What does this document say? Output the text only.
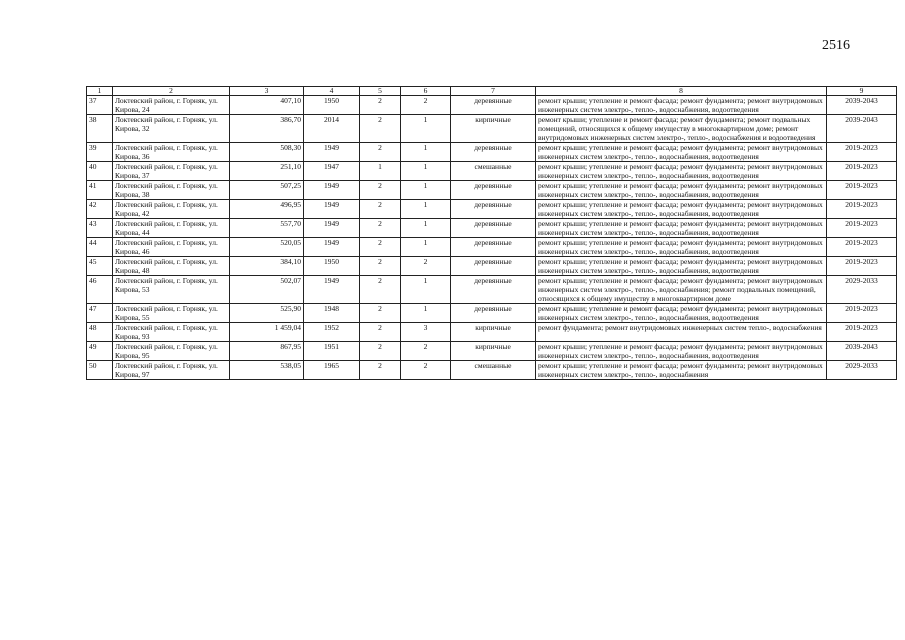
2516
1	2	3	4	5	6	7	8	9
37	Локтевский район, г. Горняк, ул. Кирова, 24	407,10	1950	2	2	деревянные	ремонт крыши; утепление и ремонт фасада; ремонт фундамента; ремонт внутридомовых инженерных систем электро-, тепло-, водоснабжения, водоотведения	2039-2043
38	Локтевский район, г. Горняк, ул. Кирова, 32	386,70	2014	2	1	кирпичные	ремонт крыши; утепление и ремонт фасада; ремонт фундамента; ремонт подвальных помещений, относящихся к общему имуществу в многоквартирном доме; ремонт внутридомовых инженерных систем электро-, тепло-, водоснабжения и водоотведения	2039-2043
39	Локтевский район, г. Горняк, ул. Кирова, 36	508,30	1949	2	1	деревянные	ремонт крыши; утепление и ремонт фасада; ремонт фундамента; ремонт внутридомовых инженерных систем электро-, тепло-, водоснабжения, водоотведения	2019-2023
40	Локтевский район, г. Горняк, ул. Кирова, 37	251,10	1947	1	1	смешанные	ремонт крыши; утепление и ремонт фасада; ремонт фундамента; ремонт внутридомовых инженерных систем электро-, тепло-, водоснабжения, водоотведения	2019-2023
41	Локтевский район, г. Горняк, ул. Кирова, 38	507,25	1949	2	1	деревянные	ремонт крыши; утепление и ремонт фасада; ремонт фундамента; ремонт внутридомовых инженерных систем электро-, тепло-, водоснабжения, водоотведения	2019-2023
42	Локтевский район, г. Горняк, ул. Кирова, 42	496,95	1949	2	1	деревянные	ремонт крыши; утепление и ремонт фасада; ремонт фундамента; ремонт внутридомовых инженерных систем электро-, тепло-, водоснабжения, водоотведения	2019-2023
43	Локтевский район, г. Горняк, ул. Кирова, 44	557,70	1949	2	1	деревянные	ремонт крыши; утепление и ремонт фасада; ремонт фундамента; ремонт внутридомовых инженерных систем электро-, тепло-, водоснабжения, водоотведения	2019-2023
44	Локтевский район, г. Горняк, ул. Кирова, 46	520,05	1949	2	1	деревянные	ремонт крыши; утепление и ремонт фасада; ремонт фундамента; ремонт внутридомовых инженерных систем электро-, тепло-, водоснабжения, водоотведения	2019-2023
45	Локтевский район, г. Горняк, ул. Кирова, 48	384,10	1950	2	2	деревянные	ремонт крыши; утепление и ремонт фасада; ремонт фундамента; ремонт внутридомовых инженерных систем электро-, тепло-, водоснабжения, водоотведения	2019-2023
46	Локтевский район, г. Горняк, ул. Кирова, 53	502,07	1949	2	1	деревянные	ремонт крыши; утепление и ремонт фасада; ремонт фундамента; ремонт внутридомовых инженерных систем электро-, тепло-, водоснабжения; ремонт подвальных помещений, относящихся к общему имуществу в многоквартирном доме	2029-2033
47	Локтевский район, г. Горняк, ул. Кирова, 55	525,90	1948	2	1	деревянные	ремонт крыши; утепление и ремонт фасада; ремонт фундамента; ремонт внутридомовых инженерных систем электро-, тепло-, водоснабжения, водоотведения	2019-2023
48	Локтевский район, г. Горняк, ул. Кирова, 93	1 459,04	1952	2	3	кирпичные	ремонт фундамента; ремонт внутридомовых инженерных систем тепло-, водоснабжения	2019-2023
49	Локтевский район, г. Горняк, ул. Кирова, 95	867,95	1951	2	2	кирпичные	ремонт крыши; утепление и ремонт фасада; ремонт фундамента; ремонт внутридомовых инженерных систем электро-, тепло-, водоснабжения, водоотведения	2039-2043
50	Локтевский район, г. Горняк, ул. Кирова, 97	538,05	1965	2	2	смешанные	ремонт крыши; утепление и ремонт фасада; ремонт фундамента; ремонт внутридомовых инженерных систем электро-, тепло-, водоснабжения	2029-2033
